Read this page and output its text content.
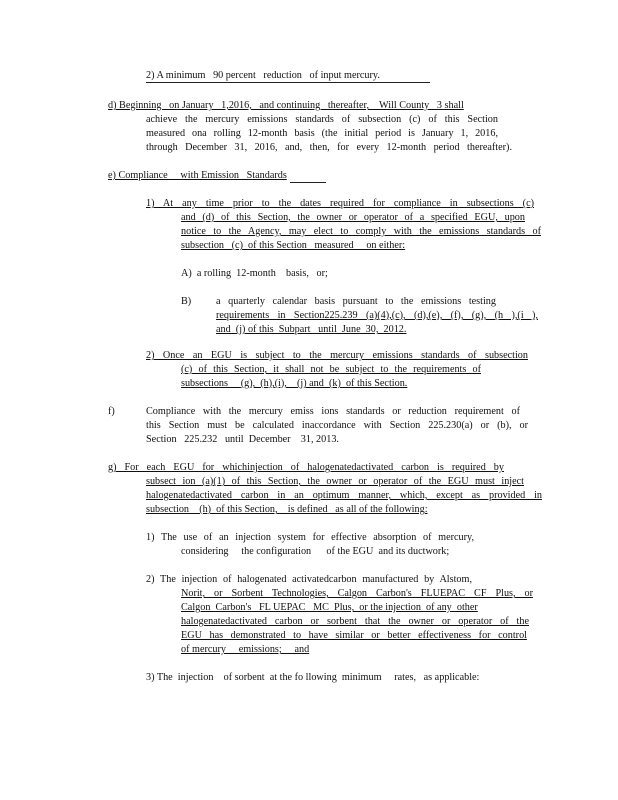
2) A minimum   90 percent   reduction   of input mercury.
d) Beginning   on January   1,2016,   and continuing   thereafter,    Will County   3 shall
achieve the mercury emissions standards of subsection (c) of this Section
measured ona rolling 12-month basis (the initial period is January 1, 2016,
through December 31, 2016, and, then, for every 12-month period thereafter).
e) Compliance     with Emission   Standards
1) At any time prior to the dates required for compliance in subsections (c)
and (d) of this Section, the owner or operator of a specified EGU, upon
notice to the Agency, may elect to comply with the emissions standards of
subsection   (c)  of this Section   measured     on either:
A)  a rolling  12-month    basis,   or;
B) a quarterly calendar basis pursuant to the emissions testing
requirements in Section225.239 (a)(4),(c), (d),(e), (f), (g), (h ),(i ),
and  (j) of this  Subpart   until  June  30,  2012.
2) Once an EGU is subject to the mercury emissions standards of subsection
(c) of this Section, it shall not be subject to the requirements of
subsections     (g),  (h),(i),    (j) and  (k)  of this Section.
f)	Compliance with the mercury emiss ions standards or reduction requirement of
this Section must be calculated inaccordance with Section 225.230(a) or (b), or
Section   225.232   until  December    31, 2013.
g) For each EGU for whichinjection of halogenatedactivated carbon is required by
subsect ion (a)(1) of this Section, the owner or operator of the EGU must inject
halogenatedactivated carbon in an optimum manner, which, except as provided in
subsection    (h)  of this Section,    is defined   as all of the following:
1) The use of an injection system for effective absorption of mercury,
considering     the configuration      of the EGU  and its ductwork;
2) The injection of halogenated activatedcarbon manufactured by Alstom,
Norit, or Sorbent Technologies, Calgon Carbon's FLUEPAC CF Plus, or
Calgon  Carbon's   FL UEPAC   MC  Plus,  or the injection  of any  other
halogenatedactivated carbon or sorbent that the owner or operator of the
EGU has demonstrated to have similar or better effectiveness for control
of mercury     emissions;     and
3) The  injection    of sorbent  at the fo llowing  minimum     rates,   as applicable:
